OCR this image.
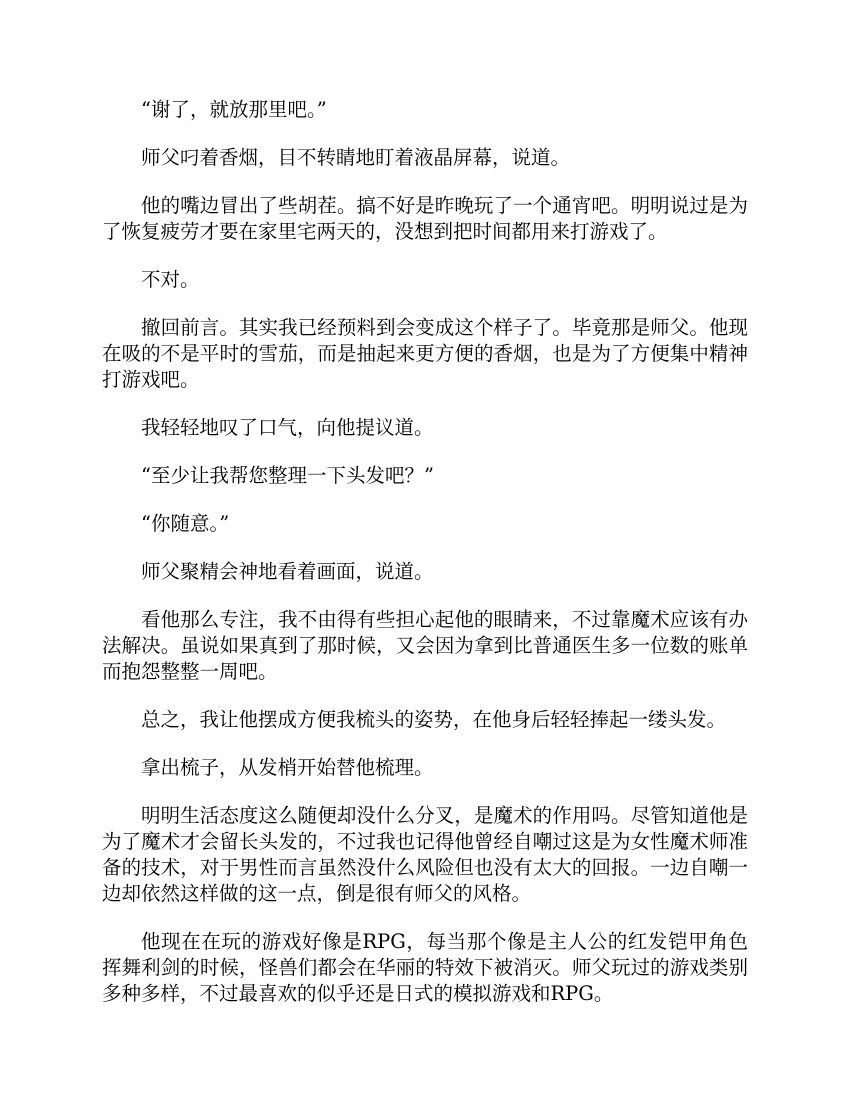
“谢了，就放那里吧。”

师父叼着香烟，目不转睛地盯着液晶屏幕，说道。

他的嘴边冒出了些胡茬。搞不好是昨晚玩了一个通宵吧。明明说过是为了恢复疲劳才要在家里宅两天的，没想到把时间都用来打游戏了。

不对。

撤回前言。其实我已经预料到会变成这个样子了。毕竟那是师父。他现在吸的不是平时的雪茄，而是抽起来更方便的香烟，也是为了方便集中精神打游戏吧。

我轻轻地叹了口气，向他提议道。

“至少让我帮您整理一下头发吧？”

“你随意。”

师父聚精会神地看着画面，说道。

看他那么专注，我不由得有些担心起他的眼睛来，不过靠魔术应该有办法解决。虽说如果真到了那时候，又会因为拿到比普通医生多一位数的账单而抱怨整整一周吧。

总之，我让他摆成方便我梳头的姿势，在他身后轻轻捧起一缕头发。

拿出梳子，从发梢开始替他梳理。

明明生活态度这么随便却没什么分叉，是魔术的作用吗。尽管知道他是为了魔术才会留长头发的，不过我也记得他曾经自嘲过这是为女性魔术师准备的技术，对于男性而言虽然没什么风险但也没有太大的回报。一边自嘲一边却依然这样做的这一点，倒是很有师父的风格。

他现在在玩的游戏好像是RPG，每当那个像是主人公的红发铠甲角色挥舞利剑的时候，怪兽们都会在华丽的特效下被消灭。师父玩过的游戏类别多种多样，不过最喜欢的似乎还是日式的模拟游戏和RPG。
